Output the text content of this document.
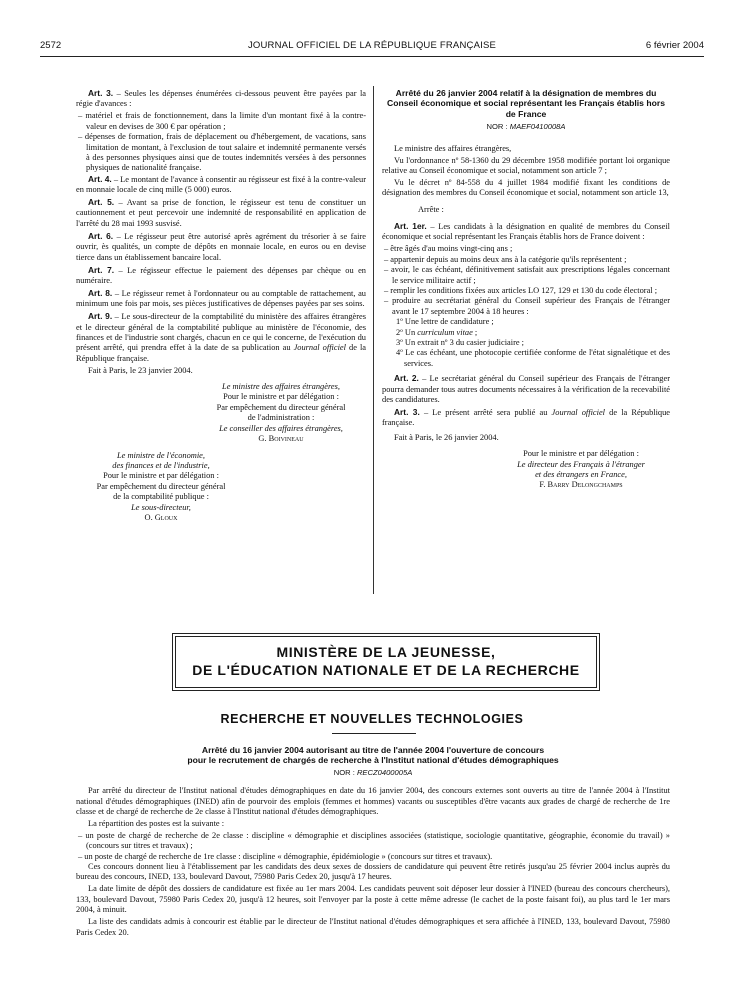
2572	JOURNAL OFFICIEL DE LA RÉPUBLIQUE FRANÇAISE	6 février 2004

Art. 3. – Seules les dépenses énumérées ci-dessous peuvent être payées par la régie d'avances :

– matériel et frais de fonctionnement, dans la limite d'un montant fixé à la contre-valeur en devises de 300 € par opération ;

– dépenses de formation, frais de déplacement ou d'hébergement, de vacations, sans limitation de montant, à l'exclusion de tout salaire et indemnité permanente versés à des personnes physiques ainsi que de toutes indemnités versées à des personnes physiques de nationalité française.

Art. 4. – Le montant de l'avance à consentir au régisseur est fixé à la contre-valeur en monnaie locale de cinq mille (5 000) euros.

Art. 5. – Avant sa prise de fonction, le régisseur est tenu de constituer un cautionnement et peut percevoir une indemnité de responsabilité en application de l'arrêté du 28 mai 1993 susvisé.

Art. 6. – Le régisseur peut être autorisé après agrément du trésorier à se faire ouvrir, ès qualités, un compte de dépôts en monnaie locale, en euros ou en devise tierce dans un établissement bancaire local.

Art. 7. – Le régisseur effectue le paiement des dépenses par chèque ou en numéraire.

Art. 8. – Le régisseur remet à l'ordonnateur ou au comptable de rattachement, au minimum une fois par mois, ses pièces justificatives de dépenses payées par ses soins.

Art. 9. – Le sous-directeur de la comptabilité du ministère des affaires étrangères et le directeur général de la comptabilité publique au ministère de l'économie, des finances et de l'industrie sont chargés, chacun en ce qui le concerne, de l'exécution du présent arrêté, qui prendra effet à la date de sa publication au Journal officiel de la République française.

Fait à Paris, le 23 janvier 2004.

Le ministre des affaires étrangères,

Pour le ministre et par délégation :

Par empêchement du directeur général

de l'administration :

Le conseiller des affaires étrangères,

G. Boivineau

Le ministre de l'économie,

des finances et de l'industrie,

Pour le ministre et par délégation :

Par empêchement du directeur général

de la comptabilité publique :

Le sous-directeur,

O. Gloux

Arrêté du 26 janvier 2004 relatif à la désignation de membres du Conseil économique et social représentant les Français établis hors de France

NOR : MAEF0410008A

Le ministre des affaires étrangères,

Vu l'ordonnance nº 58-1360 du 29 décembre 1958 modifiée portant loi organique relative au Conseil économique et social, notamment son article 7 ;

Vu le décret nº 84-558 du 4 juillet 1984 modifié fixant les conditions de désignation des membres du Conseil économique et social, notamment son article 13,

Arrête :

Art. 1er. – Les candidats à la désignation en qualité de membres du Conseil économique et social représentant les Français établis hors de France doivent :

– être âgés d'au moins vingt-cinq ans ;

– appartenir depuis au moins deux ans à la catégorie qu'ils représentent ;

– avoir, le cas échéant, définitivement satisfait aux prescriptions légales concernant le service militaire actif ;

– remplir les conditions fixées aux articles LO 127, 129 et 130 du code électoral ;

– produire au secrétariat général du Conseil supérieur des Français de l'étranger avant le 17 septembre 2004 à 18 heures :

1º Une lettre de candidature ;

2º Un curriculum vitae ;

3º Un extrait nº 3 du casier judiciaire ;

4º Le cas échéant, une photocopie certifiée conforme de l'état signalétique et des services.

Art. 2. – Le secrétariat général du Conseil supérieur des Français de l'étranger pourra demander tous autres documents nécessaires à la vérification de la recevabilité des candidatures.

Art. 3. – Le présent arrêté sera publié au Journal officiel de la République française.

Fait à Paris, le 26 janvier 2004.

Pour le ministre et par délégation :

Le directeur des Français à l'étranger

et des étrangers en France,

F. Barry Delongchamps

MINISTÈRE DE LA JEUNESSE,
DE L'ÉDUCATION NATIONALE ET DE LA RECHERCHE
RECHERCHE ET NOUVELLES TECHNOLOGIES

Arrêté du 16 janvier 2004 autorisant au titre de l'année 2004 l'ouverture de concours

pour le recrutement de chargés de recherche à l'Institut national d'études démographiques

NOR : RECZ0400005A

Par arrêté du directeur de l'Institut national d'études démographiques en date du 16 janvier 2004, des concours externes sont ouverts au titre de l'année 2004 à l'Institut national d'études démographiques (INED) afin de pourvoir des emplois (femmes et hommes) vacants ou susceptibles d'être vacants aux grades de chargé de recherche de 1re classe et de chargé de recherche de 2e classe à l'Institut national d'études démographiques.

La répartition des postes est la suivante :

– un poste de chargé de recherche de 2e classe : discipline « démographie et disciplines associées (statistique, sociologie quantitative, géographie, économie du travail) » (concours sur titres et travaux) ;

– un poste de chargé de recherche de 1re classe : discipline « démographie, épidémiologie » (concours sur titres et travaux).

Ces concours donnent lieu à l'établissement par les candidats des deux sexes de dossiers de candidature qui peuvent être retirés jusqu'au 25 février 2004 inclus auprès du bureau des concours, INED, 133, boulevard Davout, 75980 Paris Cedex 20, jusqu'à 17 heures.

La date limite de dépôt des dossiers de candidature est fixée au 1er mars 2004. Les candidats peuvent soit déposer leur dossier à l'INED (bureau des concours chercheurs), 133, boulevard Davout, 75980 Paris Cedex 20, jusqu'à 12 heures, soit l'envoyer par la poste à cette même adresse (le cachet de la poste faisant foi), au plus tard le 1er mars 2004, à minuit.

La liste des candidats admis à concourir est établie par le directeur de l'Institut national d'études démographiques et sera affichée à l'INED, 133, boulevard Davout, 75980 Paris Cedex 20.
